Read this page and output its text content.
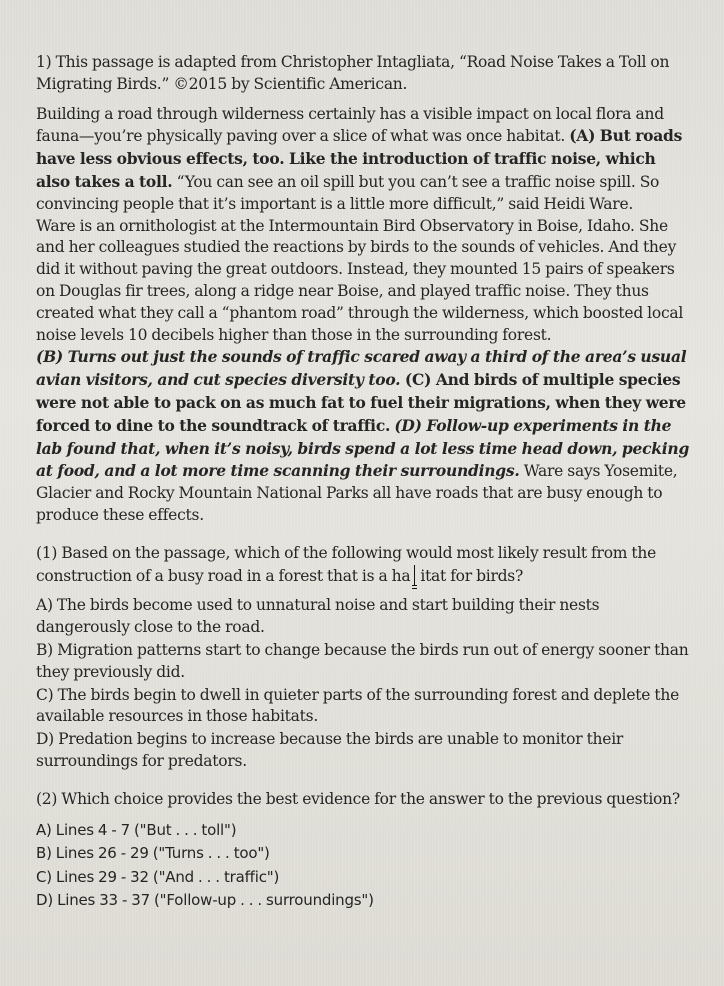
1) This passage is adapted from Christopher Intagliata, “Road Noise Takes a Toll on Migrating Birds.” ©2015 by Scientific American.
Building a road through wilderness certainly has a visible impact on local flora and fauna—you’re physically paving over a slice of what was once habitat. (A) But roads have less obvious effects, too. Like the introduction of traffic noise, which also takes a toll. “You can see an oil spill but you can’t see a traffic noise spill. So convincing people that it’s important is a little more difficult,” said Heidi Ware.
Ware is an ornithologist at the Intermountain Bird Observatory in Boise, Idaho. She and her colleagues studied the reactions by birds to the sounds of vehicles. And they did it without paving the great outdoors. Instead, they mounted 15 pairs of speakers on Douglas fir trees, along a ridge near Boise, and played traffic noise. They thus created what they call a “phantom road” through the wilderness, which boosted local noise levels 10 decibels higher than those in the surrounding forest.
(B) Turns out just the sounds of traffic scared away a third of the area’s usual avian visitors, and cut species diversity too. (C) And birds of multiple species were not able to pack on as much fat to fuel their migrations, when they were forced to dine to the soundtrack of traffic. (D) Follow-up experiments in the lab found that, when it’s noisy, birds spend a lot less time head down, pecking at food, and a lot more time scanning their surroundings. Ware says Yosemite, Glacier and Rocky Mountain National Parks all have roads that are busy enough to produce these effects.
(1) Based on the passage, which of the following would most likely result from the construction of a busy road in a forest that is a ha itat for birds?
A) The birds become used to unnatural noise and start building their nests dangerously close to the road.
B) Migration patterns start to change because the birds run out of energy sooner than they previously did.
C) The birds begin to dwell in quieter parts of the surrounding forest and deplete the available resources in those habitats.
D) Predation begins to increase because the birds are unable to monitor their surroundings for predators.
(2) Which choice provides the best evidence for the answer to the previous question?
A) Lines 4 - 7 ("But . . . toll")
B) Lines 26 - 29 ("Turns . . . too")
C) Lines 29 - 32 ("And . . . traffic")
D) Lines 33 - 37 ("Follow-up . . . surroundings")
